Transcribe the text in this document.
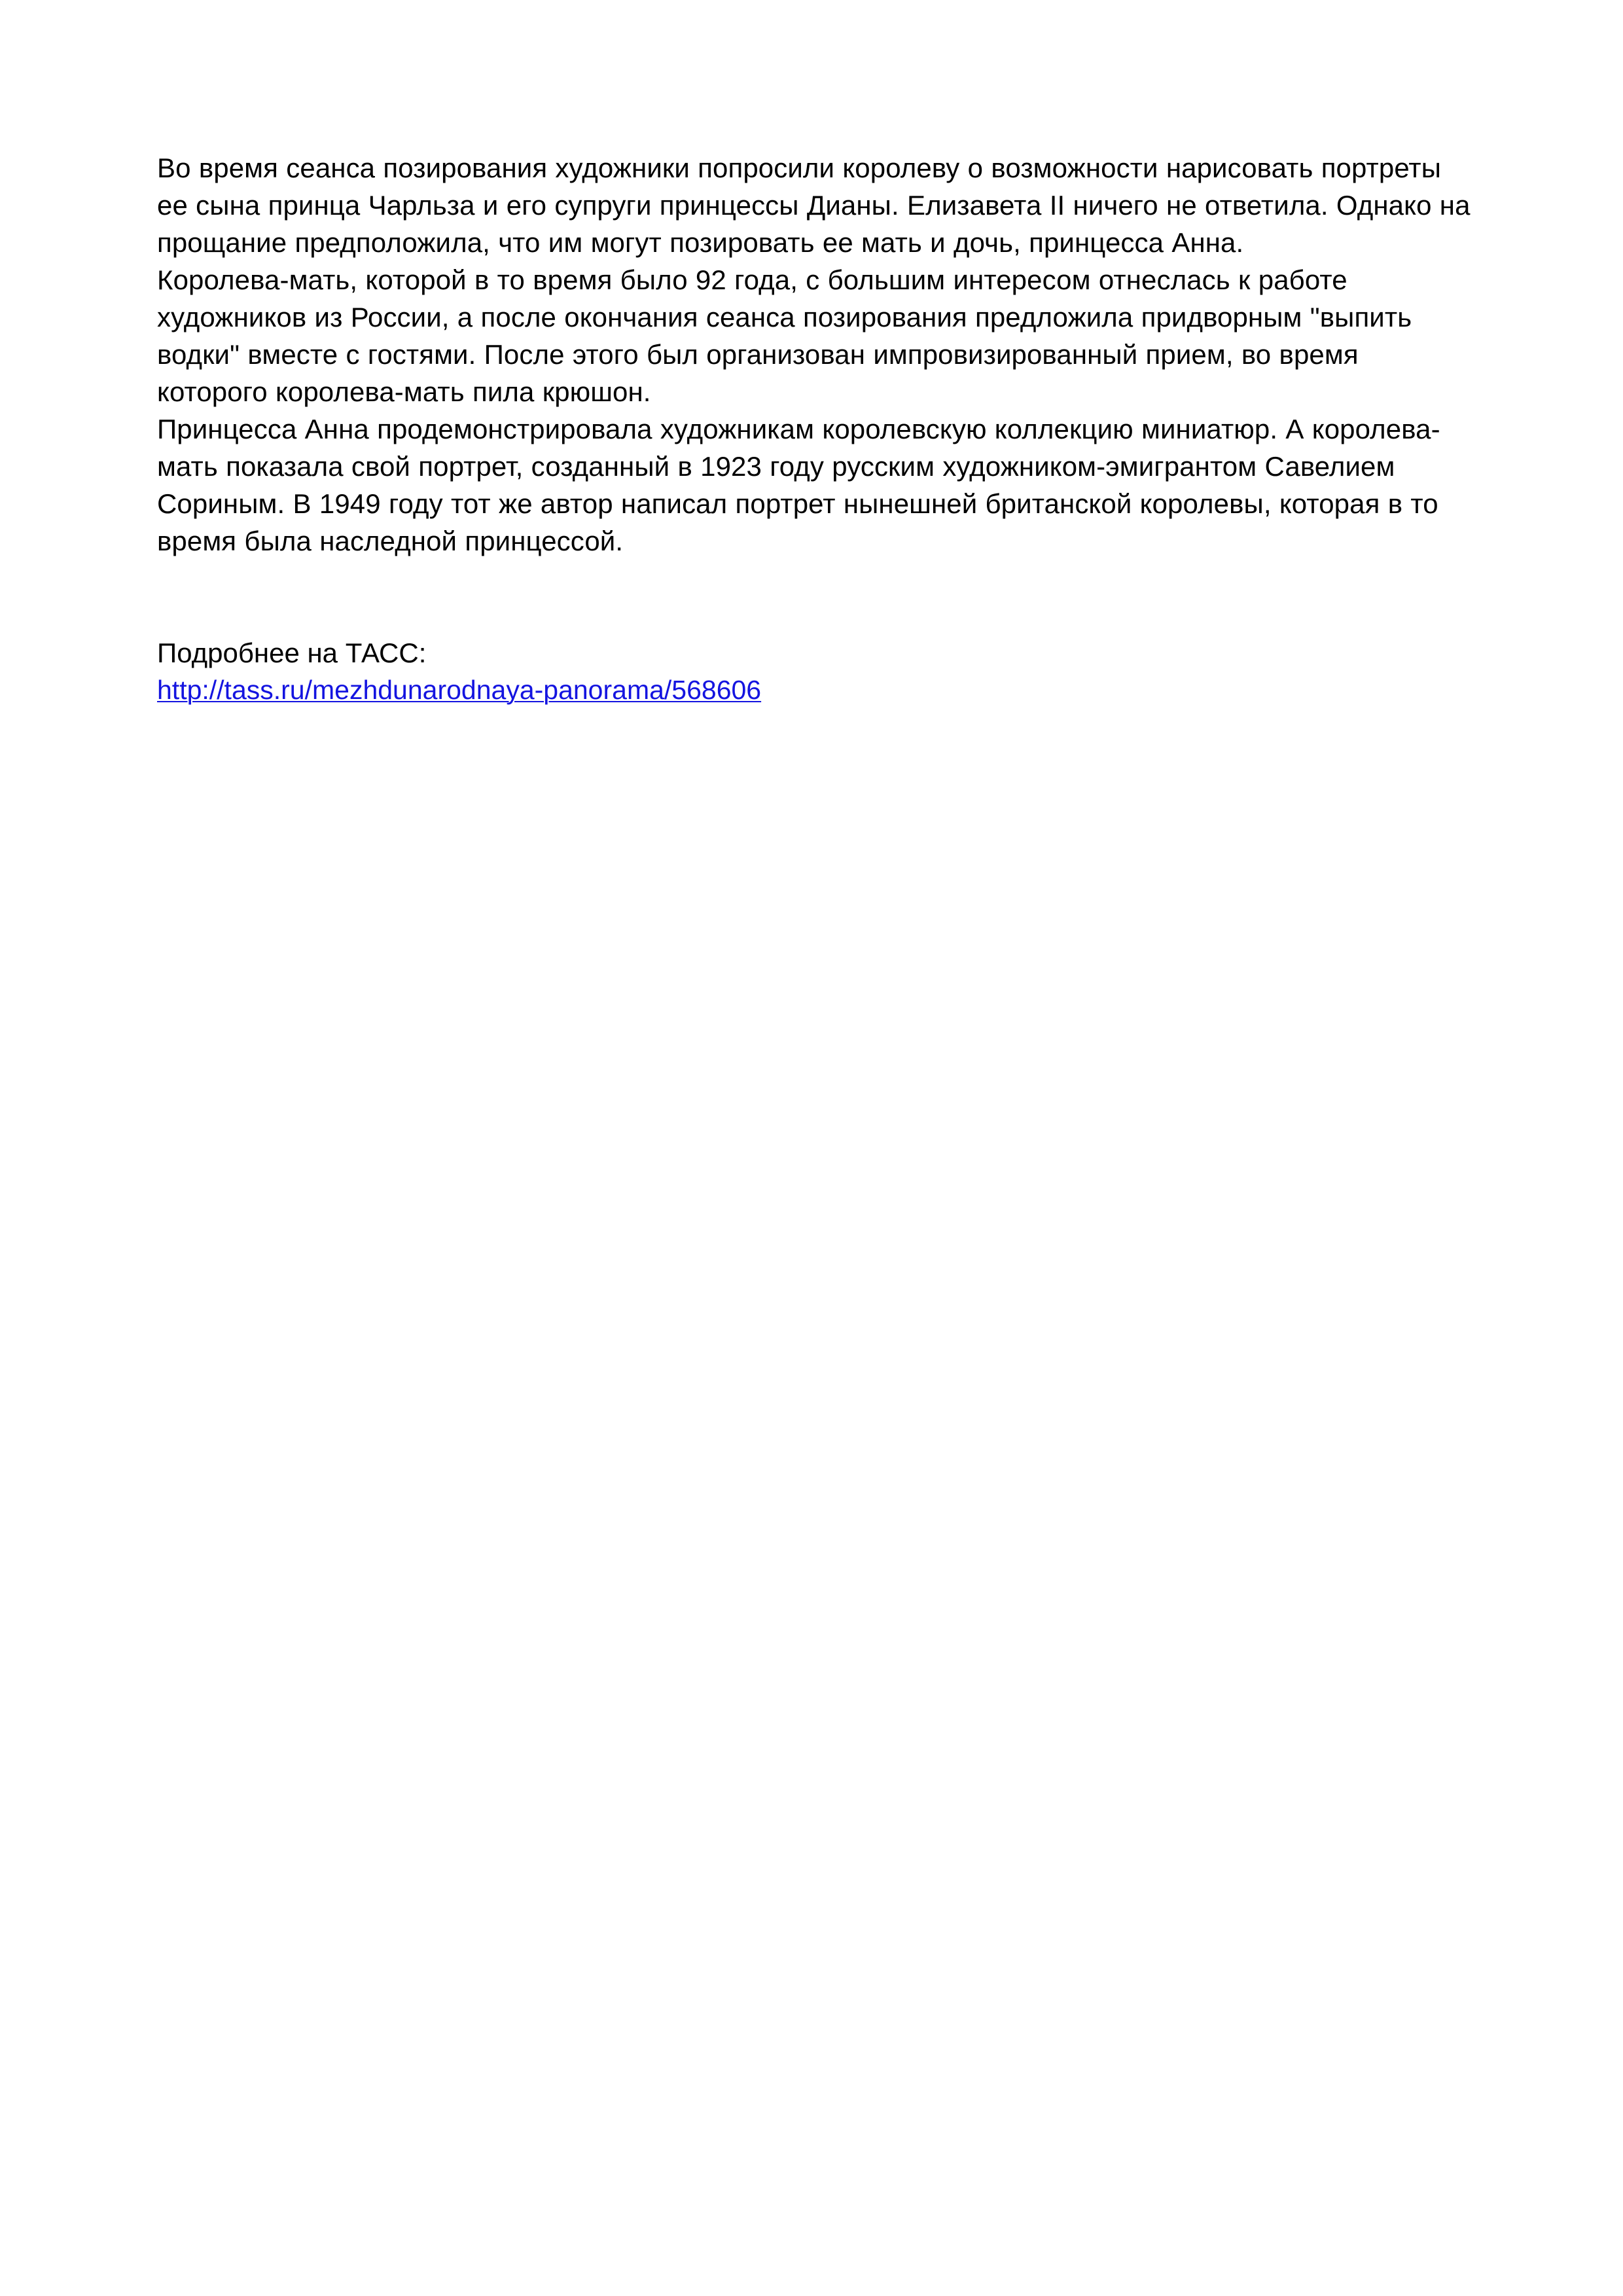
Во время сеанса позирования художники попросили королеву о возможности нарисовать портреты ее сына принца Чарльза и его супруги принцессы Дианы. Елизавета II ничего не ответила. Однако на прощание предположила, что им могут позировать ее мать и дочь, принцесса Анна.

Королева-мать, которой в то время было 92 года, с большим интересом отнеслась к работе художников из России, а после окончания сеанса позирования предложила придворным "выпить водки" вместе с гостями. После этого был организован импровизированный прием, во время которого королева-мать пила крюшон.

Принцесса Анна продемонстрировала художникам королевскую коллекцию миниатюр. А королева-мать показала свой портрет, созданный в 1923 году русским художником-эмигрантом Савелием Сориным. В 1949 году тот же автор написал портрет нынешней британской королевы, которая в то время была наследной принцессой.

Подробнее на ТАСС:

http://tass.ru/mezhdunarodnaya-panorama/568606
